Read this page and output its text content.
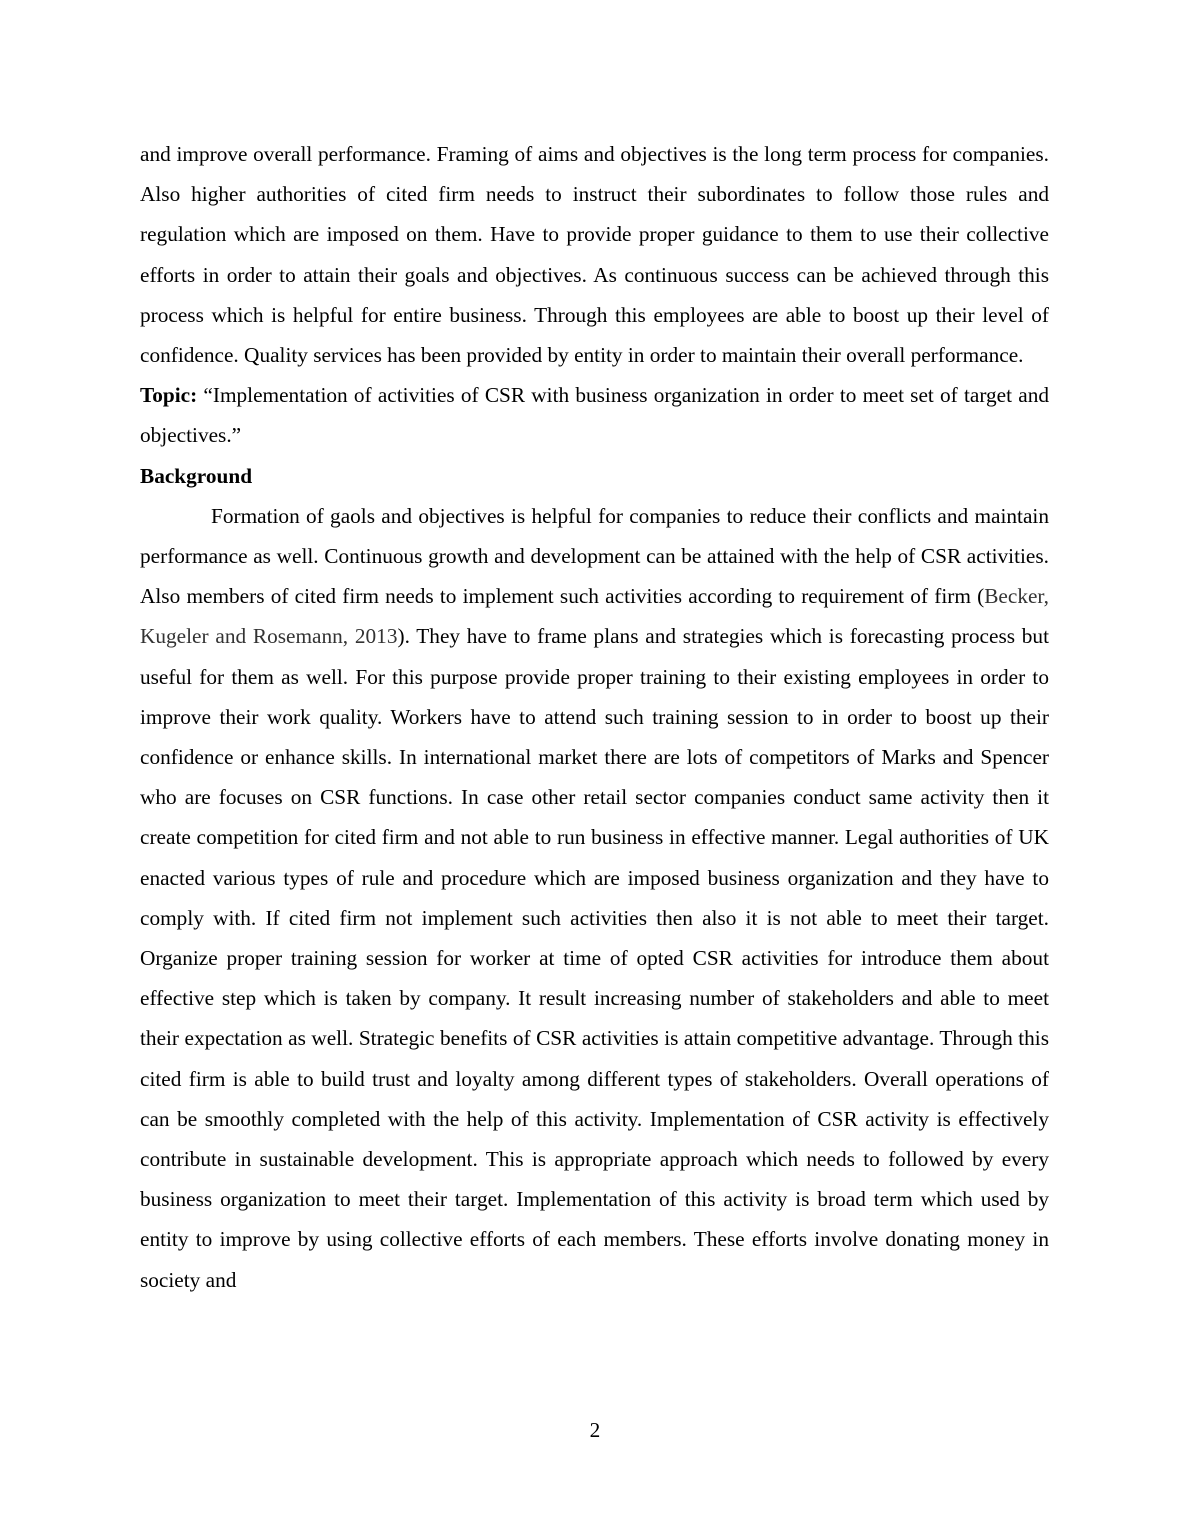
and improve overall performance. Framing of aims and objectives is the long term process for companies. Also higher authorities of cited firm needs to instruct their subordinates to follow those rules and regulation which are imposed on them. Have to provide proper guidance to them to use their collective efforts in order to attain their goals and objectives. As continuous success can be achieved through this process which is helpful for entire business. Through this employees are able to boost up their level of confidence. Quality services has been provided by entity in order to maintain their overall performance.

Topic: “Implementation of activities of CSR with business organization in order to meet set of target and objectives.”

Background

Formation of gaols and objectives is helpful for companies to reduce their conflicts and maintain performance as well. Continuous growth and development can be attained with the help of CSR activities. Also members of cited firm needs to implement such activities according to requirement of firm (Becker, Kugeler and Rosemann, 2013). They have to frame plans and strategies which is forecasting process but useful for them as well. For this purpose provide proper training to their existing employees in order to improve their work quality. Workers have to attend such training session to in order to boost up their confidence or enhance skills. In international market there are lots of competitors of Marks and Spencer who are focuses on CSR functions. In case other retail sector companies conduct same activity then it create competition for cited firm and not able to run business in effective manner. Legal authorities of UK enacted various types of rule and procedure which are imposed business organization and they have to comply with. If cited firm not implement such activities then also it is not able to meet their target. Organize proper training session for worker at time of opted CSR activities for introduce them about effective step which is taken by company. It result increasing number of stakeholders and able to meet their expectation as well. Strategic benefits of CSR activities is attain competitive advantage. Through this cited firm is able to build trust and loyalty among different types of stakeholders. Overall operations of can be smoothly completed with the help of this activity. Implementation of CSR activity is effectively contribute in sustainable development. This is appropriate approach which needs to followed by every business organization to meet their target. Implementation of this activity is broad term which used by entity to improve by using collective efforts of each members. These efforts involve donating money in society and

2
